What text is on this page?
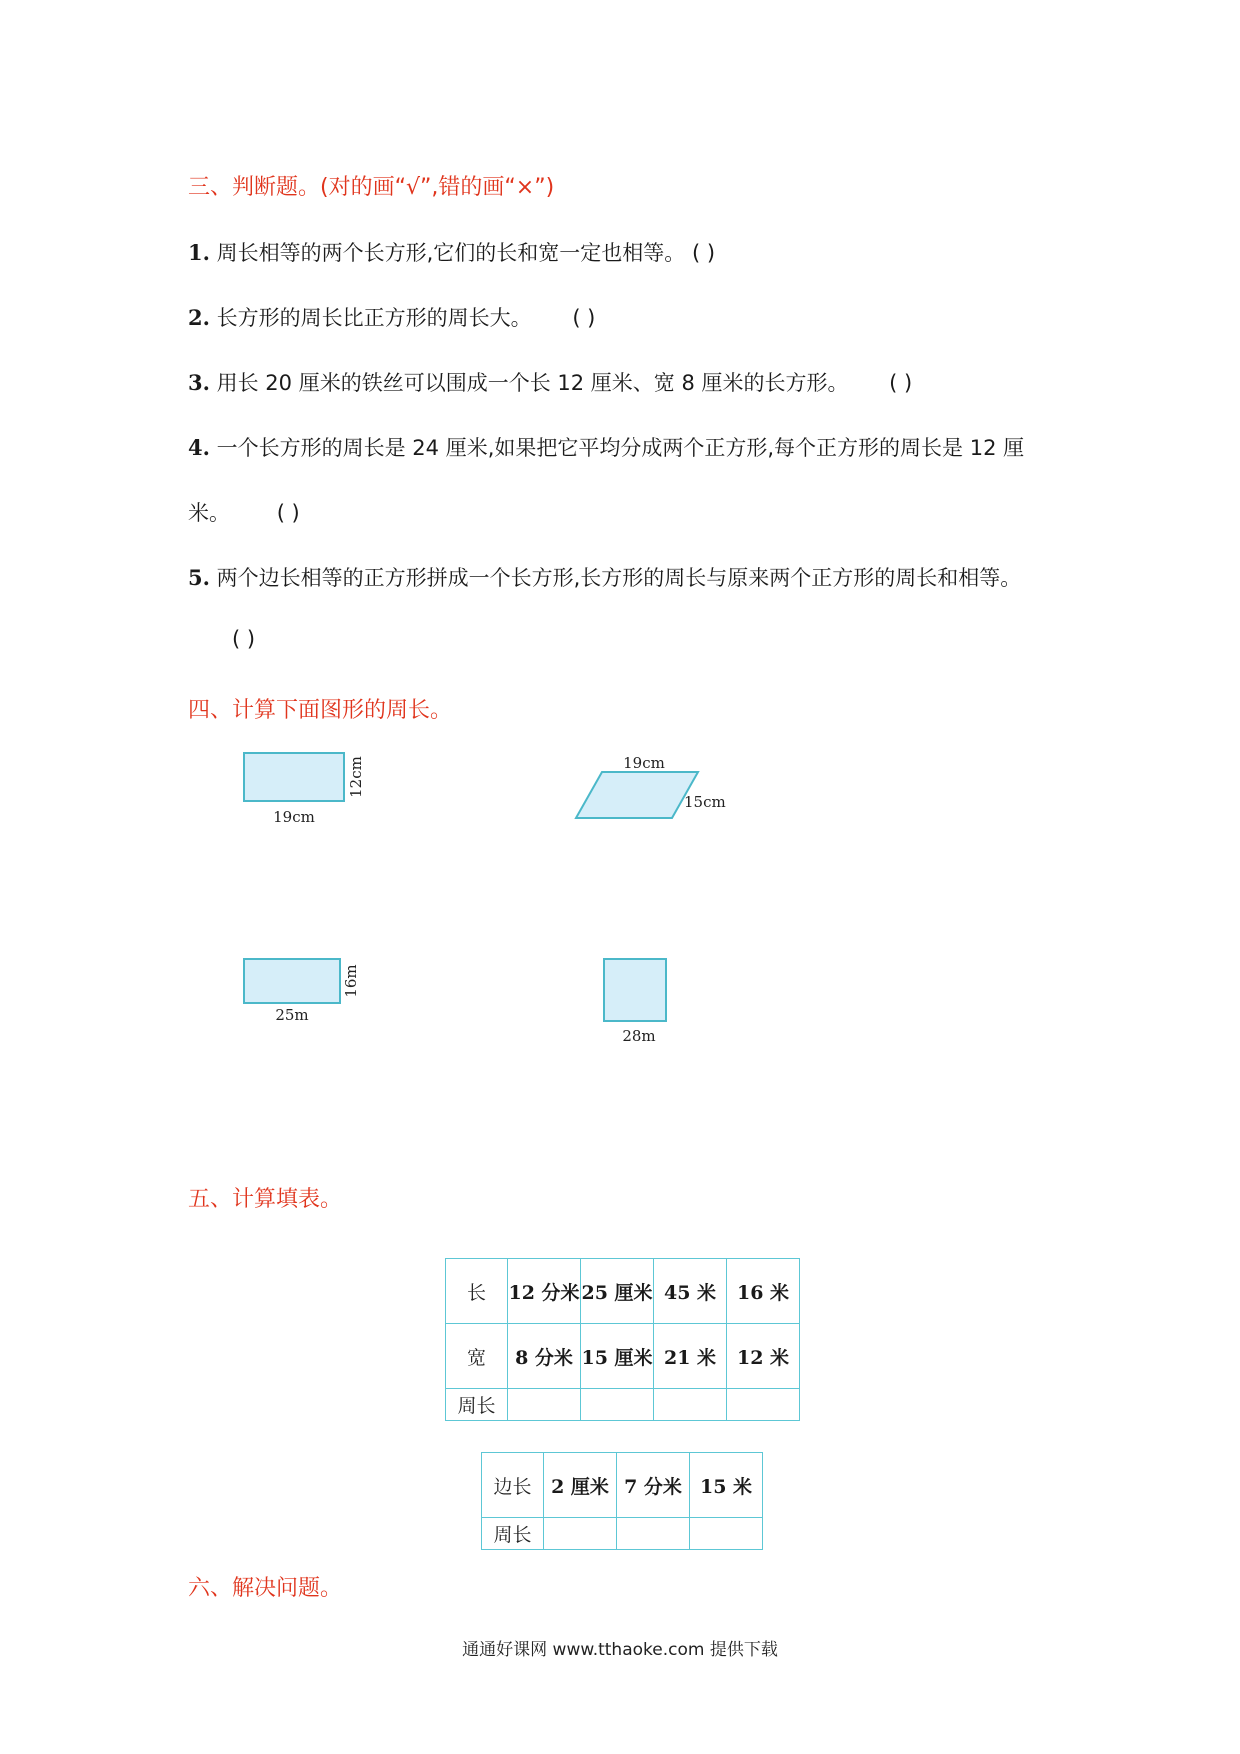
三、判断题。(对的画“√”,错的画“×”)
1. 周长相等的两个长方形,它们的长和宽一定也相等。 ( )
2. 长方形的周长比正方形的周长大。 ( )
3. 用长 20 厘米的铁丝可以围成一个长 12 厘米、宽 8 厘米的长方形。 ( )
4. 一个长方形的周长是 24 厘米,如果把它平均分成两个正方形,每个正方形的周长是 12 厘
米。 ( )
5. 两个边长相等的正方形拼成一个长方形,长方形的周长与原来两个正方形的周长和相等。
( )
四、计算下面图形的周长。
19cm
12cm	19cm
15cm
25m
16m
28m
五、计算填表。
长	12 分米	25 厘米	45 米	16 米
宽	8 分米	15 厘米	21 米	12 米
周长				
边长	2 厘米	7 分米	15 米
周长			
六、解决问题。
通通好课网 www.tthaoke.com 提供下载
